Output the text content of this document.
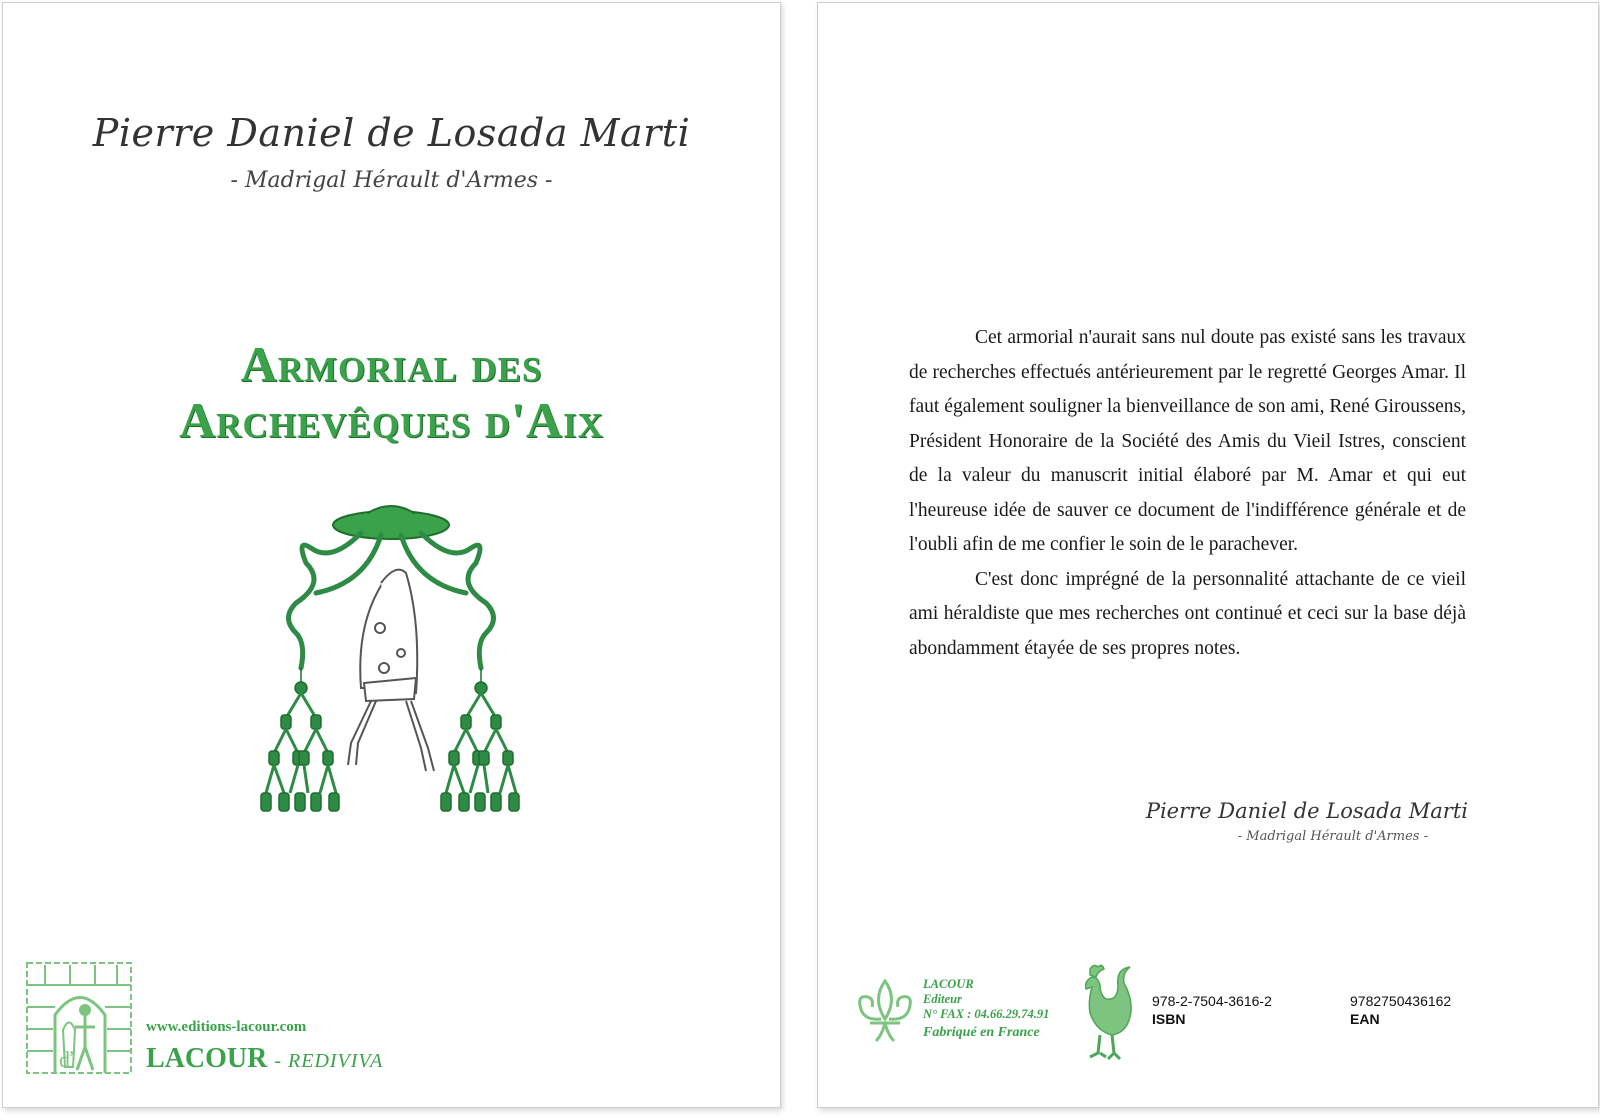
Pierre Daniel de Losada Marti
- Madrigal Hérault d'Armes -
Armorial des
Archevêques d'Aix
ď
www.editions-lacour.com
LACOUR - REDIVIVA

Cet armorial n'aurait sans nul doute pas existé sans les travaux de recherches effectués antérieurement par le regretté Georges Amar. Il faut également souligner la bienveillance de son ami, René Giroussens, Président Honoraire de la Société des Amis du Vieil Istres, conscient de la valeur du manuscrit initial élaboré par M. Amar et qui eut l'heureuse idée de sauver ce document de l'indifférence générale et de l'oubli afin de me confier le soin de le parachever.

C'est donc imprégné de la personnalité attachante de ce vieil ami héraldiste que mes recherches ont continué et ceci sur la base déjà abondamment étayée de ses propres notes.

Pierre Daniel de Losada Marti
- Madrigal Hérault d'Armes -
LACOUR
Editeur
N° FAX : 04.66.29.74.91
Fabriqué en France
978-2-7504-3616-2
ISBN
9782750436162
EAN
